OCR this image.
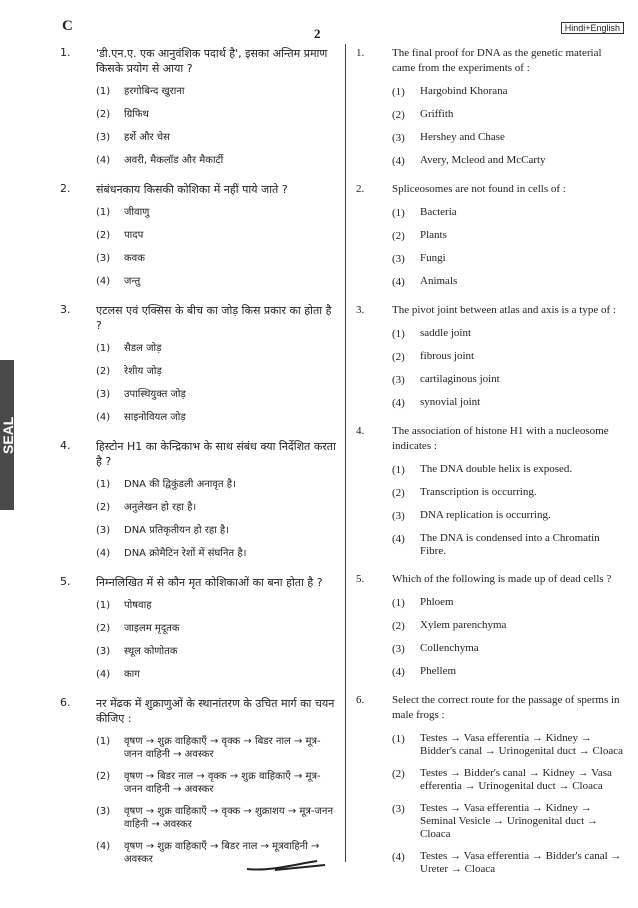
C	2	Hindi+English
SEAL
1.	'डी.एन.ए. एक आनुवंशिक पदार्थ है', इसका अन्तिम प्रमाण किसके प्रयोग से आया ?
(1)	हरगोबिन्द खुराना
(2)	ग्रिफिथ
(3)	हर्शे और चेस
(4)	अवरी, मैकलॉड और मैकार्टी
2.	संबंधनकाय किसकी कोशिका में नहीं पाये जाते ?
(1)	जीवाणु
(2)	पादप
(3)	कवक
(4)	जन्तु
3.	एटलस एवं एक्सिस के बीच का जोड़ किस प्रकार का होता है ?
(1)	सैडल जोड़
(2)	रेशीय जोड़
(3)	उपास्थियुक्त जोड़
(4)	साइनोवियल जोड़
4.	हिस्टोन H1 का केन्द्रिकाभ के साथ संबंध क्या निर्देशित करता है ?
(1)	DNA की द्विकुंडली अनावृत है।
(2)	अनुलेखन हो रहा है।
(3)	DNA प्रतिकृतीयन हो रहा है।
(4)	DNA क्रोमैटिन रेशों में संघनित है।
5.	निम्नलिखित में से कौन मृत कोशिकाओं का बना होता है ?
(1)	पोषवाह
(2)	जाइलम मृदूतक
(3)	स्थूल कोणोतक
(4)	काग
6.	नर मेंढक में शुक्राणुओं के स्थानांतरण के उचित मार्ग का चयन कीजिए :
(1)	वृषण → शुक्र वाहिकाएँ → वृक्क → बिडर नाल → मूत्र-जनन वाहिनी → अवस्कर
(2)	वृषण → बिडर नाल → वृक्क → शुक्र वाहिकाएँ → मूत्र-जनन वाहिनी → अवस्कर
(3)	वृषण → शुक्र वाहिकाएँ → वृक्क → शुक्राशय → मूत्र-जनन वाहिनी → अवस्कर
(4)	वृषण → शुक्र वाहिकाएँ → बिडर नाल → मूत्रवाहिनी → अवस्कर
1.	The final proof for DNA as the genetic material came from the experiments of :
(1)	Hargobind Khorana
(2)	Griffith
(3)	Hershey and Chase
(4)	Avery, Mcleod and McCarty
2.	Spliceosomes are not found in cells of :
(1)	Bacteria
(2)	Plants
(3)	Fungi
(4)	Animals
3.	The pivot joint between atlas and axis is a type of :
(1)	saddle joint
(2)	fibrous joint
(3)	cartilaginous joint
(4)	synovial joint
4.	The association of histone H1 with a nucleosome indicates :
(1)	The DNA double helix is exposed.
(2)	Transcription is occurring.
(3)	DNA replication is occurring.
(4)	The DNA is condensed into a Chromatin Fibre.
5.	Which of the following is made up of dead cells ?
(1)	Phloem
(2)	Xylem parenchyma
(3)	Collenchyma
(4)	Phellem
6.	Select the correct route for the passage of sperms in male frogs :
(1)	Testes → Vasa efferentia → Kidney → Bidder's canal → Urinogenital duct → Cloaca
(2)	Testes → Bidder's canal → Kidney → Vasa efferentia → Urinogenital duct → Cloaca
(3)	Testes → Vasa efferentia → Kidney → Seminal Vesicle → Urinogenital duct → Cloaca
(4)	Testes → Vasa efferentia → Bidder's canal → Ureter → Cloaca
